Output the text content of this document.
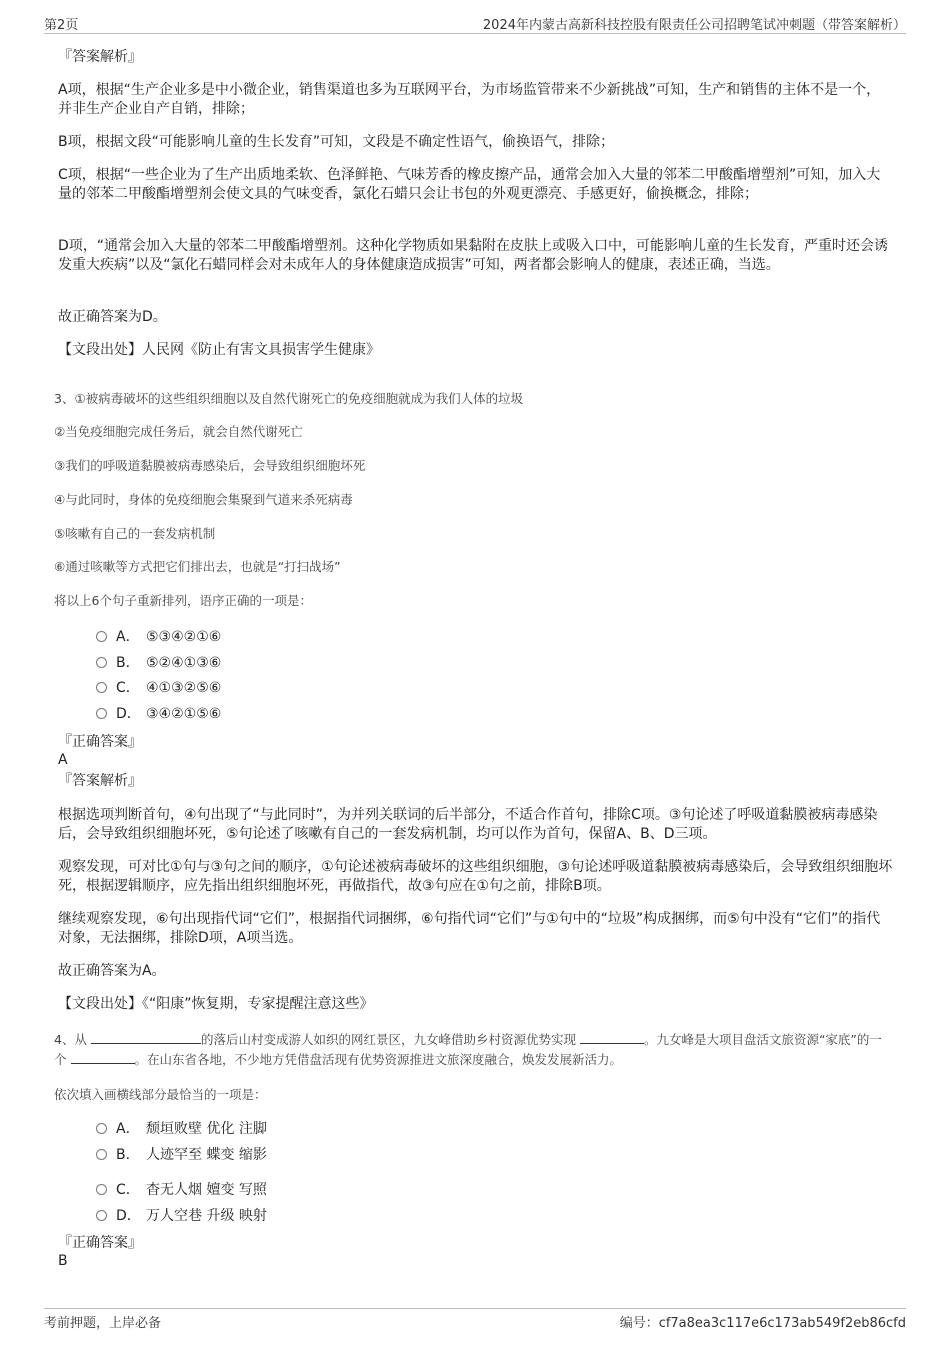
第2页	2024年内蒙古高新科技控股有限责任公司招聘笔试冲刺题（带答案解析）
『答案解析』
A项，根据“生产企业多是中小微企业，销售渠道也多为互联网平台，为市场监管带来不少新挑战”可知，生产和销售的主体不是一个，并非生产企业自产自销，排除；
B项，根据文段“可能影响儿童的生长发育”可知，文段是不确定性语气，偷换语气，排除；
C项，根据“一些企业为了生产出质地柔软、色泽鲜艳、气味芳香的橡皮擦产品，通常会加入大量的邻苯二甲酸酯增塑剂”可知，加入大量的邻苯二甲酸酯增塑剂会使文具的气味变香，氯化石蜡只会让书包的外观更漂亮、手感更好，偷换概念，排除；
D项，“通常会加入大量的邻苯二甲酸酯增塑剂。这种化学物质如果黏附在皮肤上或吸入口中，可能影响儿童的生长发育，严重时还会诱发重大疾病”以及“氯化石蜡同样会对未成年人的身体健康造成损害”可知，两者都会影响人的健康，表述正确，当选。
故正确答案为D。
【文段出处】人民网《防止有害文具损害学生健康》
3、①被病毒破坏的这些组织细胞以及自然代谢死亡的免疫细胞就成为我们人体的垃圾
②当免疫细胞完成任务后，就会自然代谢死亡
③我们的呼吸道黏膜被病毒感染后，会导致组织细胞坏死
④与此同时，身体的免疫细胞会集聚到气道来杀死病毒
⑤咳嗽有自己的一套发病机制
⑥通过咳嗽等方式把它们排出去，也就是“打扫战场”
将以上6个句子重新排列，语序正确的一项是：
A． ⑤③④②①⑥
B． ⑤②④①③⑥
C． ④①③②⑤⑥
D． ③④②①⑤⑥
『正确答案』
A
『答案解析』
根据选项判断首句，④句出现了“与此同时”，为并列关联词的后半部分，不适合作首句，排除C项。③句论述了呼吸道黏膜被病毒感染后，会导致组织细胞坏死，⑤句论述了咳嗽有自己的一套发病机制，均可以作为首句，保留A、B、D三项。
观察发现，可对比①句与③句之间的顺序，①句论述被病毒破坏的这些组织细胞，③句论述呼吸道黏膜被病毒感染后，会导致组织细胞坏死，根据逻辑顺序，应先指出组织细胞坏死，再做指代，故③句应在①句之前，排除B项。
继续观察发现，⑥句出现指代词“它们”，根据指代词捆绑，⑥句指代词“它们”与①句中的“垃圾”构成捆绑，而⑤句中没有“它们”的指代对象，无法捆绑，排除D项，A项当选。
故正确答案为A。
【文段出处】《“阳康”恢复期，专家提醒注意这些》
4、从	的落后山村变成游人如织的网红景区，九女峰借助乡村资源优势实现	。九女峰是大项目盘活文旅资源“家底”的一个	。在山东省各地，不少地方凭借盘活现有优势资源推进文旅深度融合，焕发发展新活力。
依次填入画横线部分最恰当的一项是：
A． 颓垣败壁 优化 注脚
B． 人迹罕至 蝶变 缩影
C． 杳无人烟 嬗变 写照
D． 万人空巷 升级 映射
『正确答案』
B
考前押题，上岸必备	编号：cf7a8ea3c117e6c173ab549f2eb86cfd
